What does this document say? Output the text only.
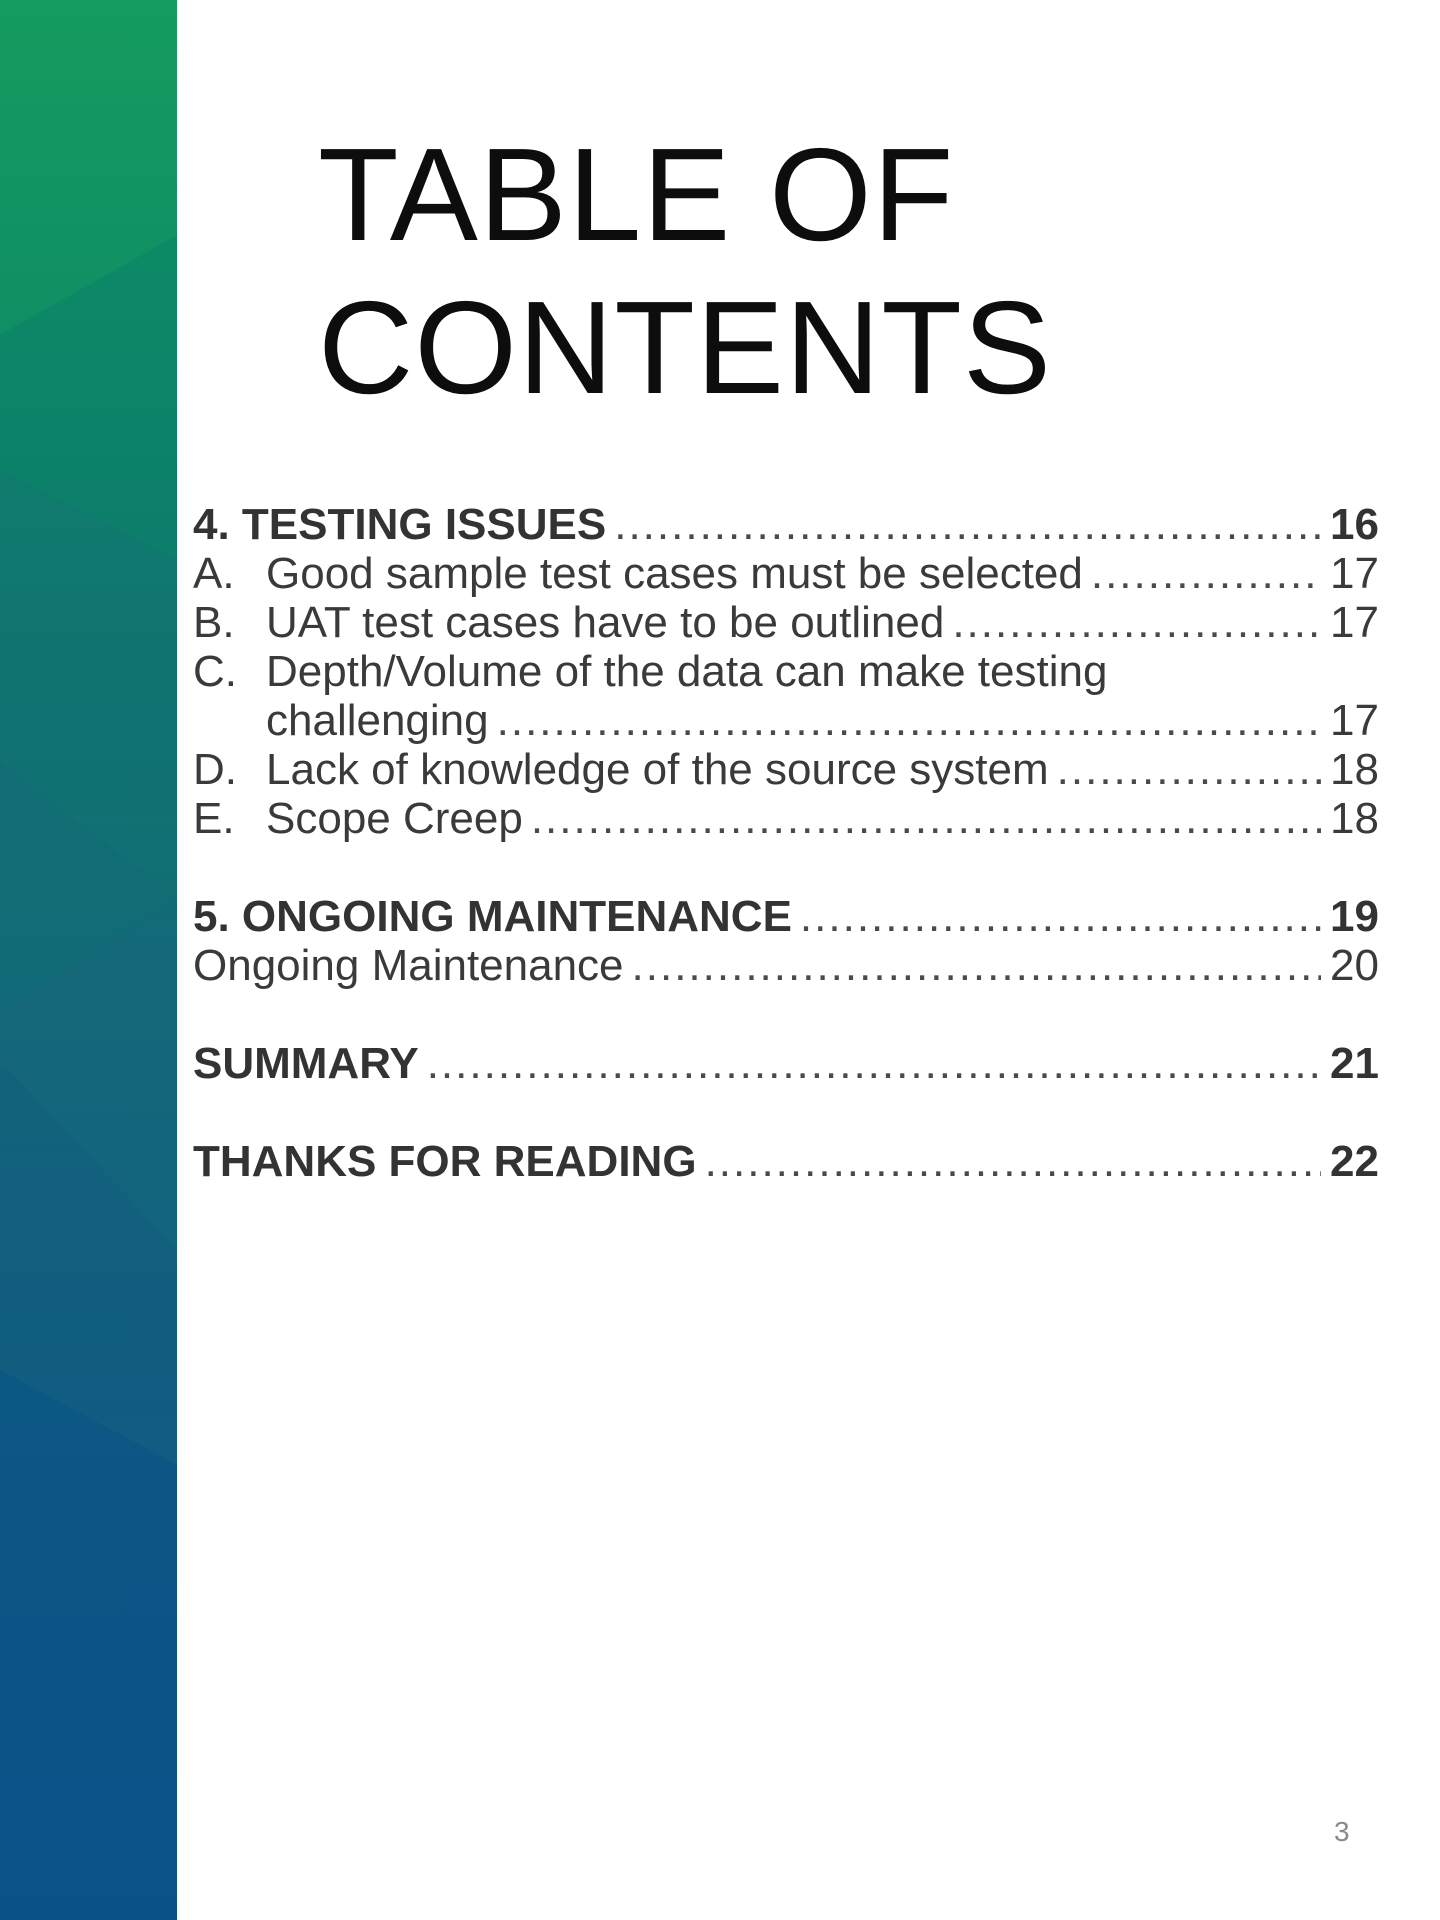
TABLE OF
CONTENTS
4. TESTING ISSUES .....	16
A. Good sample test cases must be selected .....	17
B. UAT test cases have to be outlined .....	17
C. Depth/Volume of the data can make testing
challenging .....	17
D. Lack of knowledge of the source system .....	18
E. Scope Creep .....	18
5. ONGOING MAINTENANCE .....	19
Ongoing Maintenance .....	20
SUMMARY .....	21
THANKS FOR READING .....	22
3
